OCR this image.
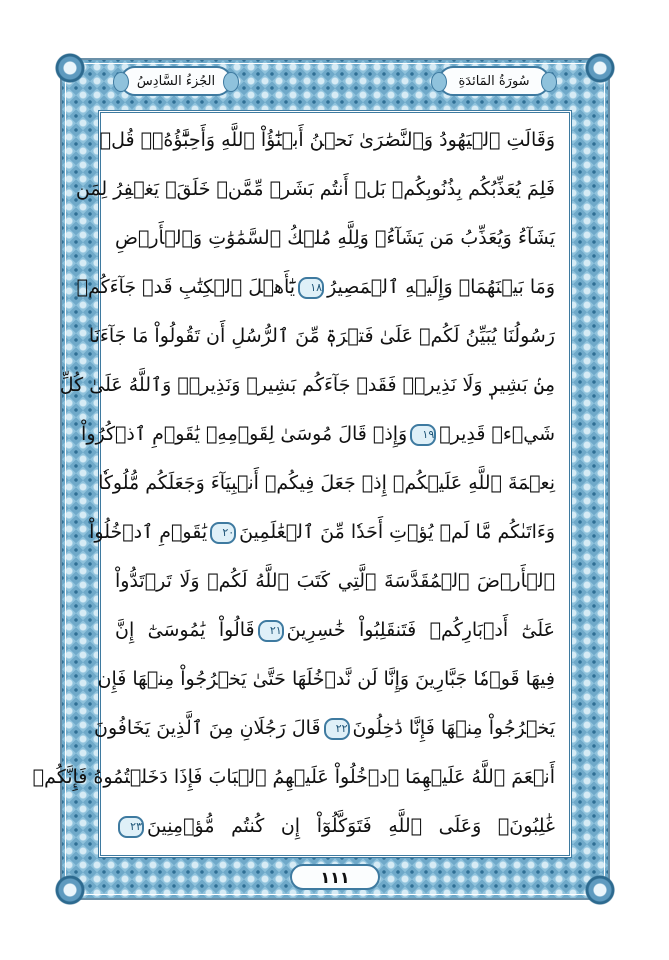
الجُزءُ السَّادِسُ	سُورَةُ المَائدَةِ
وَقَالَتِ ٱلۡيَهُودُ وَٱلنَّصَٰرَىٰ نَحۡنُ أَبۡنَٰٓؤُاْ ٱللَّهِ وَأَحِبَّٰٓؤُهُۥۚ قُلۡ
فَلِمَ يُعَذِّبُكُم بِذُنُوبِكُمۖ بَلۡ أَنتُم بَشَرٞ مِّمَّنۡ خَلَقَۚ يَغۡفِرُ لِمَن
يَشَآءُ وَيُعَذِّبُ مَن يَشَآءُۚ وَلِلَّهِ مُلۡكُ ٱلسَّمَٰوَٰتِ وَٱلۡأَرۡضِ
وَمَا بَيۡنَهُمَاۖ وَإِلَيۡهِ ٱلۡمَصِيرُ١٨يَٰٓأَهۡلَ ٱلۡكِتَٰبِ قَدۡ جَآءَكُمۡ
رَسُولُنَا يُبَيِّنُ لَكُمۡ عَلَىٰ فَتۡرَةٖ مِّنَ ٱلرُّسُلِ أَن تَقُولُواْ مَا جَآءَنَا
مِنۢ بَشِيرٖ وَلَا نَذِيرٖۖ فَقَدۡ جَآءَكُم بَشِيرٞ وَنَذِيرٞۗ وَٱللَّهُ عَلَىٰ كُلِّ
شَيۡءٖ قَدِيرٞ١٩وَإِذۡ قَالَ مُوسَىٰ لِقَوۡمِهِۦ يَٰقَوۡمِ ٱذۡكُرُواْ
نِعۡمَةَ ٱللَّهِ عَلَيۡكُمۡ إِذۡ جَعَلَ فِيكُمۡ أَنۢبِيَآءَ وَجَعَلَكُم مُّلُوكٗا
وَءَاتَىٰكُم مَّا لَمۡ يُؤۡتِ أَحَدٗا مِّنَ ٱلۡعَٰلَمِينَ٢٠يَٰقَوۡمِ ٱدۡخُلُواْ
ٱلۡأَرۡضَ ٱلۡمُقَدَّسَةَ ٱلَّتِي كَتَبَ ٱللَّهُ لَكُمۡ وَلَا تَرۡتَدُّواْ
عَلَىٰٓ أَدۡبَارِكُمۡ فَتَنقَلِبُواْ خَٰسِرِينَ٢١قَالُواْ يَٰمُوسَىٰٓ إِنَّ
فِيهَا قَوۡمٗا جَبَّارِينَ وَإِنَّا لَن نَّدۡخُلَهَا حَتَّىٰ يَخۡرُجُواْ مِنۡهَا فَإِن
يَخۡرُجُواْ مِنۡهَا فَإِنَّا دَٰخِلُونَ٢٢قَالَ رَجُلَانِ مِنَ ٱلَّذِينَ يَخَافُونَ
أَنۡعَمَ ٱللَّهُ عَلَيۡهِمَا ٱدۡخُلُواْ عَلَيۡهِمُ ٱلۡبَابَ فَإِذَا دَخَلۡتُمُوهُ فَإِنَّكُمۡ
غَٰلِبُونَۚ وَعَلَى ٱللَّهِ فَتَوَكَّلُوٓاْ إِن كُنتُم مُّؤۡمِنِينَ٢٣
١١١
